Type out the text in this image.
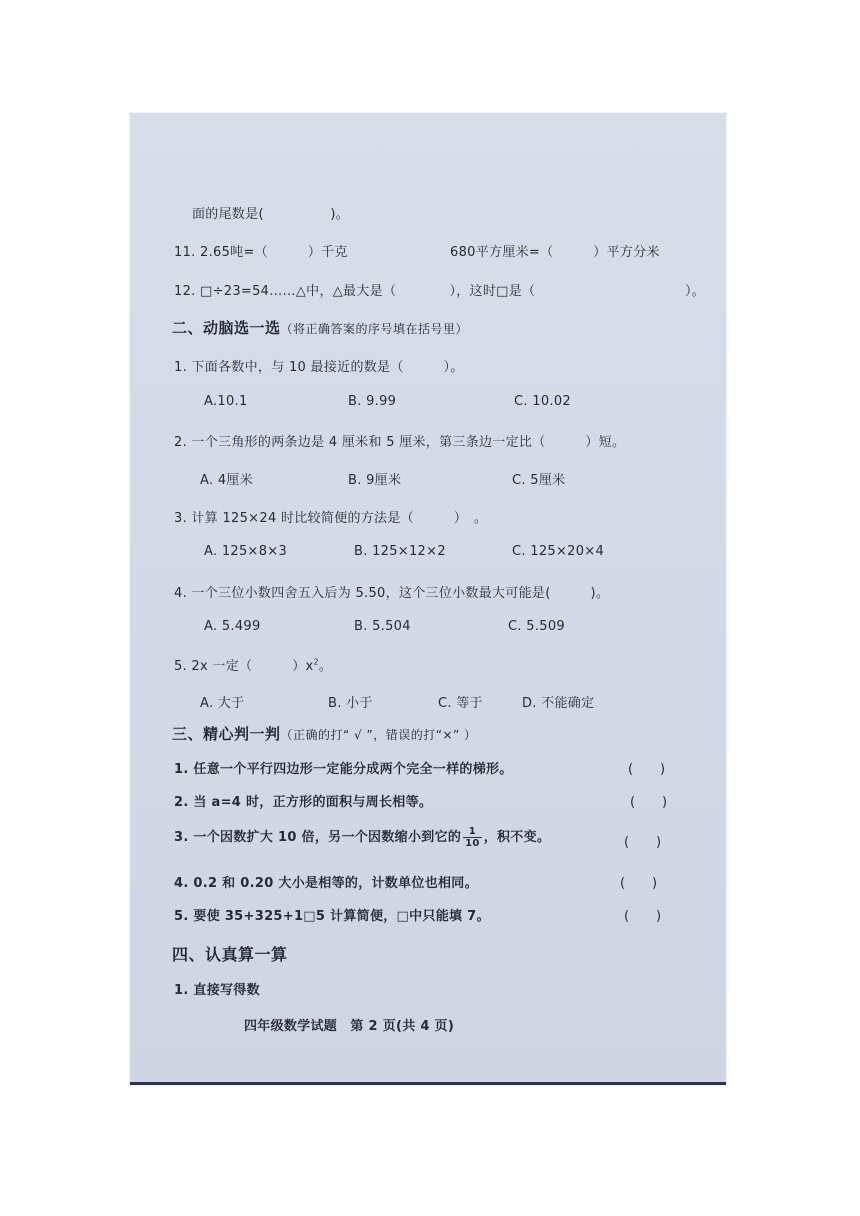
面的尾数是(　　　　　)。
11. 2.65吨=（　　　）千克	680平方厘米=（　　　）平方分米
12. □÷23=54……△中，△最大是（　　　　），这时□是（	）。
二、动脑选一选（将正确答案的序号填在括号里）
1. 下面各数中，与 10 最接近的数是（　　　）。
A.10.1	B. 9.99	C. 10.02
2. 一个三角形的两条边是 4 厘米和 5 厘米，第三条边一定比（　　　）短。
A. 4厘米	B. 9厘米	C. 5厘米
3. 计算 125×24 时比较简便的方法是（　　　）　。
A. 125×8×3	B. 125×12×2	C. 125×20×4
4. 一个三位小数四舍五入后为 5.50，这个三位小数最大可能是(　　　)。
A. 5.499	B. 5.504	C. 5.509
5. 2x 一定（　　　）$x^2$。
A. 大于	B. 小于	C. 等于	D. 不能确定
三、精心判一判（正确的打“ √ ”，错误的打“×” ）
1. 任意一个平行四边形一定能分成两个完全一样的梯形。	(　　)
2. 当 a=4 时，正方形的面积与周长相等。	(　　)
3. 一个因数扩大 10 倍，另一个因数缩小到它的 $\frac{1}{10}$ ，积不变。	(　　)
4. 0.2 和 0.20 大小是相等的，计数单位也相同。	(　　)
5. 要使 35+325+1□5 计算简便，□中只能填 7。	(　　)
四、认真算一算
1. 直接写得数
四年级数学试题　第 2 页(共 4 页)
